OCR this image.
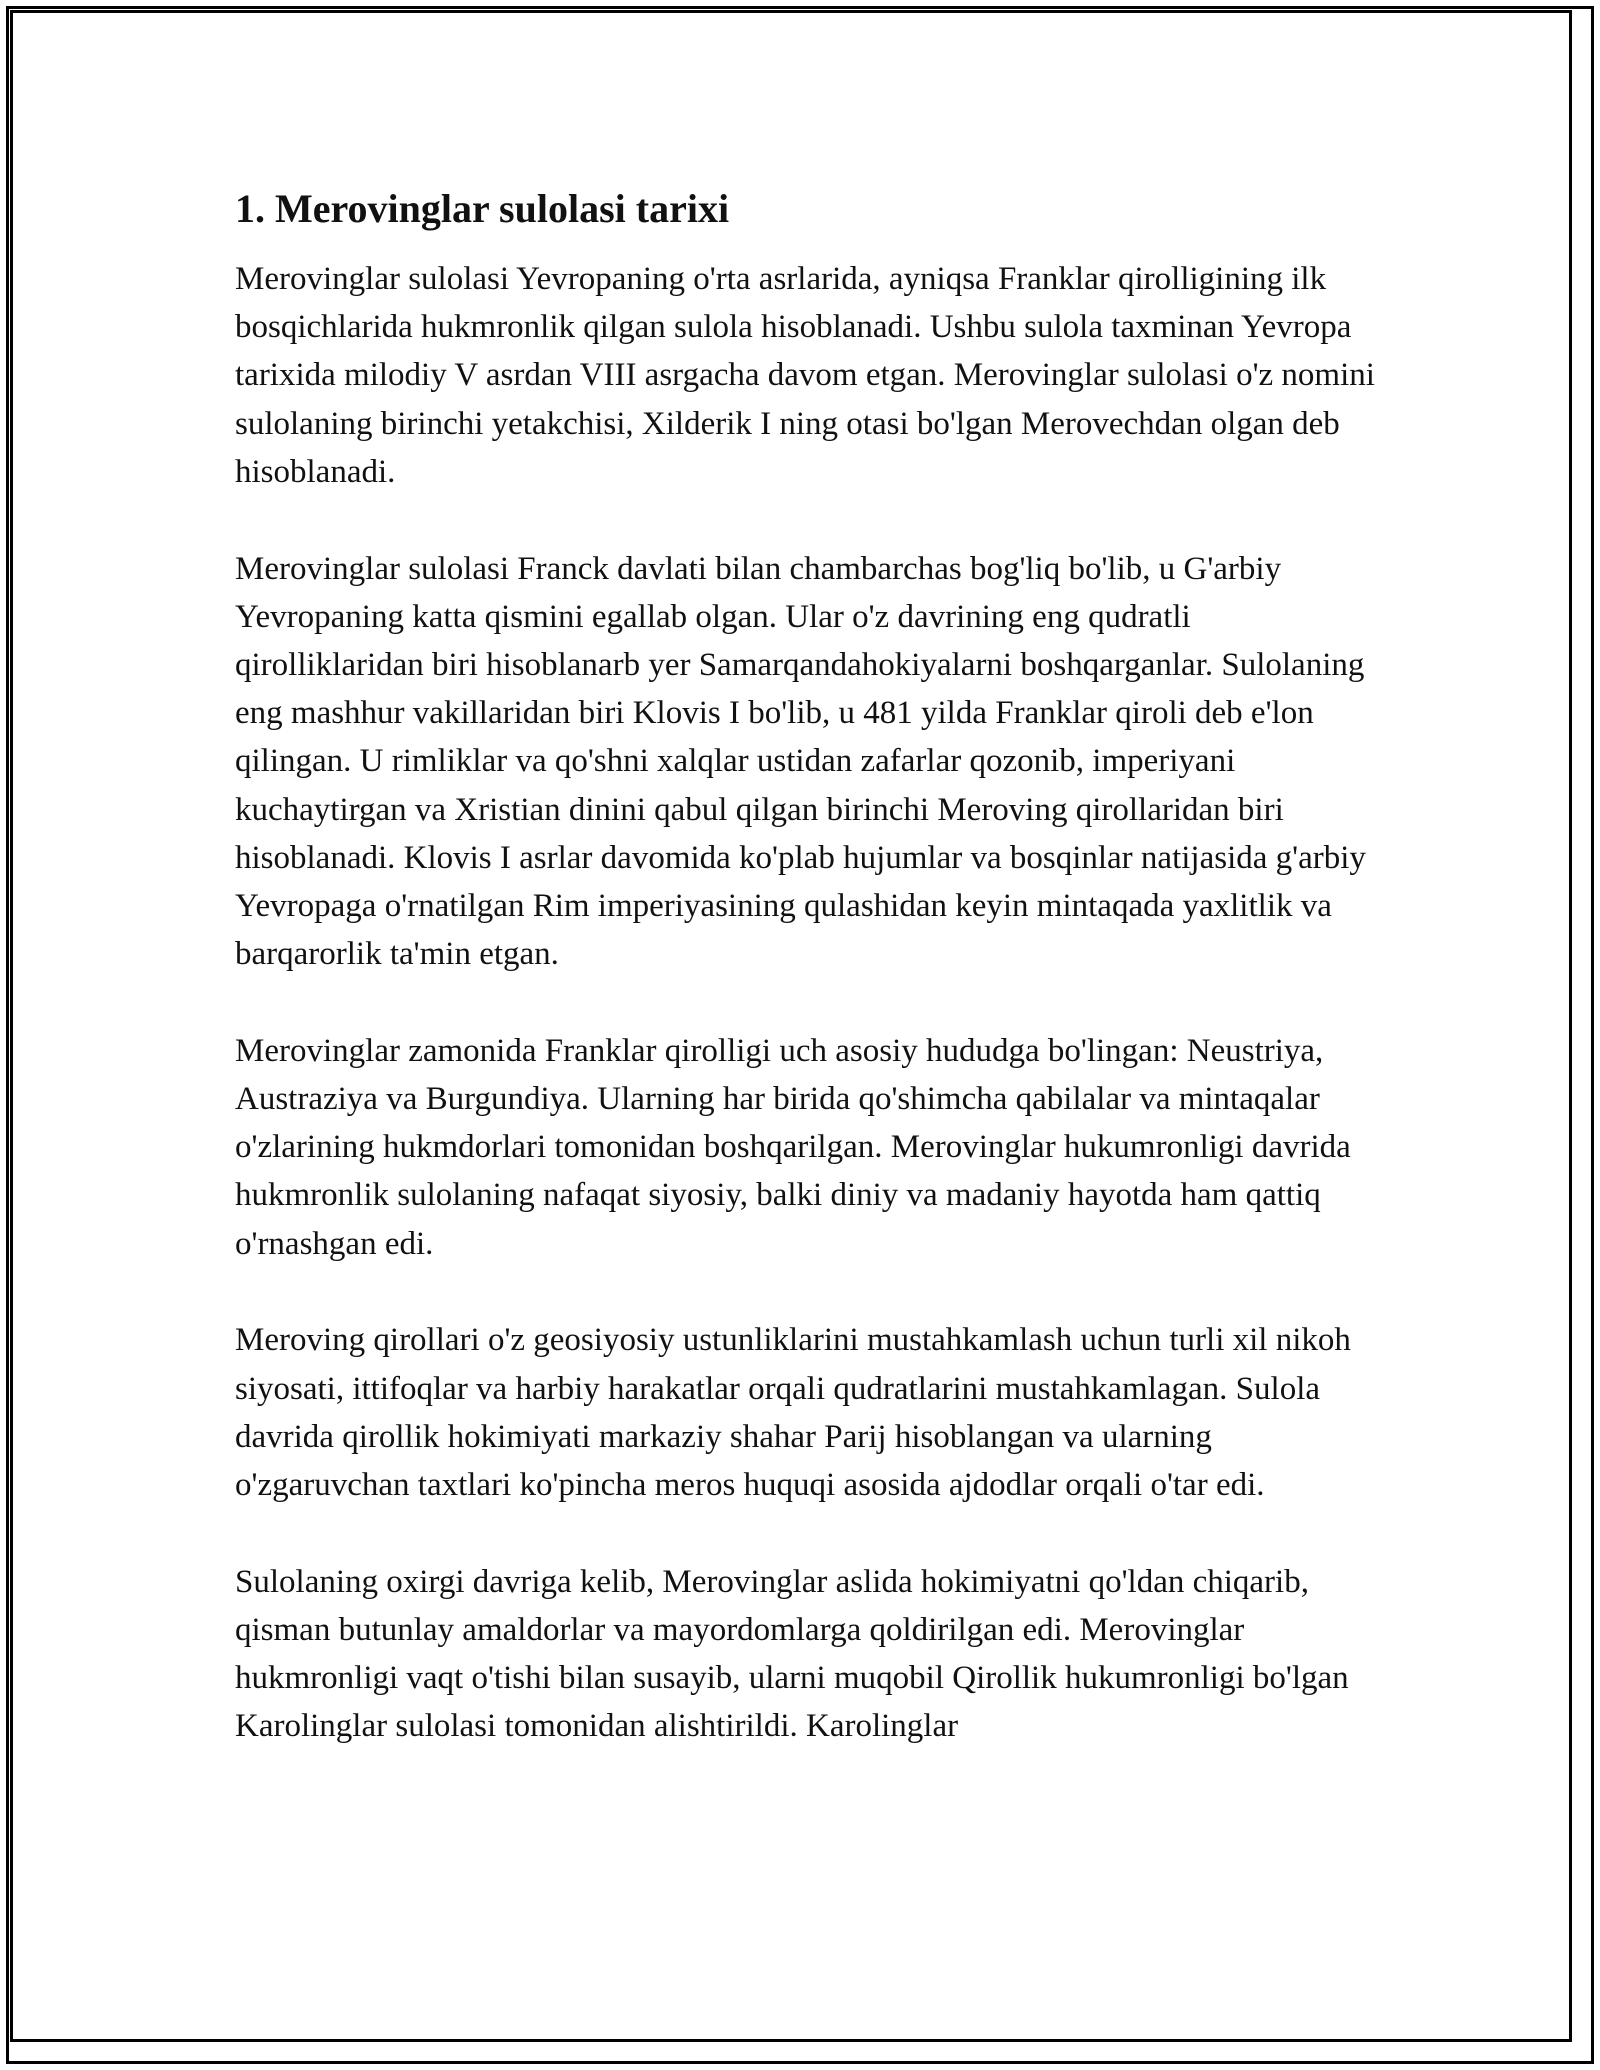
1. Merovinglar sulolasi tarixi

Merovinglar sulolasi Yevropaning o'rta asrlarida, ayniqsa Franklar qirolligining ilk bosqichlarida hukmronlik qilgan sulola hisoblanadi. Ushbu sulola taxminan Yevropa tarixida milodiy V asrdan VIII asrgacha davom etgan. Merovinglar sulolasi o'z nomini sulolaning birinchi yetakchisi, Xilderik I ning otasi bo'lgan Merovechdan olgan deb hisoblanadi.

Merovinglar sulolasi Franck davlati bilan chambarchas bog'liq bo'lib, u G'arbiy Yevropaning katta qismini egallab olgan. Ular o'z davrining eng qudratli qirolliklaridan biri hisoblanarb yer Samarqandahokiyalarni boshqarganlar. Sulolaning eng mashhur vakillaridan biri Klovis I bo'lib, u 481 yilda Franklar qiroli deb e'lon qilingan. U rimliklar va qo'shni xalqlar ustidan zafarlar qozonib, imperiyani kuchaytirgan va Xristian dinini qabul qilgan birinchi Meroving qirollaridan biri hisoblanadi. Klovis I asrlar davomida ko'plab hujumlar va bosqinlar natijasida g'arbiy Yevropaga o'rnatilgan Rim imperiyasining qulashidan keyin mintaqada yaxlitlik va barqarorlik ta'min etgan.

Merovinglar zamonida Franklar qirolligi uch asosiy hududga bo'lingan: Neustriya, Austraziya va Burgundiya. Ularning har birida qo'shimcha qabilalar va mintaqalar o'zlarining hukmdorlari tomonidan boshqarilgan. Merovinglar hukumronligi davrida hukmronlik sulolaning nafaqat siyosiy, balki diniy va madaniy hayotda ham qattiq o'rnashgan edi.

Meroving qirollari o'z geosiyosiy ustunliklarini mustahkamlash uchun turli xil nikoh siyosati, ittifoqlar va harbiy harakatlar orqali qudratlarini mustahkamlagan. Sulola davrida qirollik hokimiyati markaziy shahar Parij hisoblangan va ularning o'zgaruvchan taxtlari ko'pincha meros huquqi asosida ajdodlar orqali o'tar edi.

Sulolaning oxirgi davriga kelib, Merovinglar aslida hokimiyatni qo'ldan chiqarib, qisman butunlay amaldorlar va mayordomlarga qoldirilgan edi. Merovinglar hukmronligi vaqt o'tishi bilan susayib, ularni muqobil Qirollik hukumronligi bo'lgan Karolinglar sulolasi tomonidan alishtirildi. Karolinglar
